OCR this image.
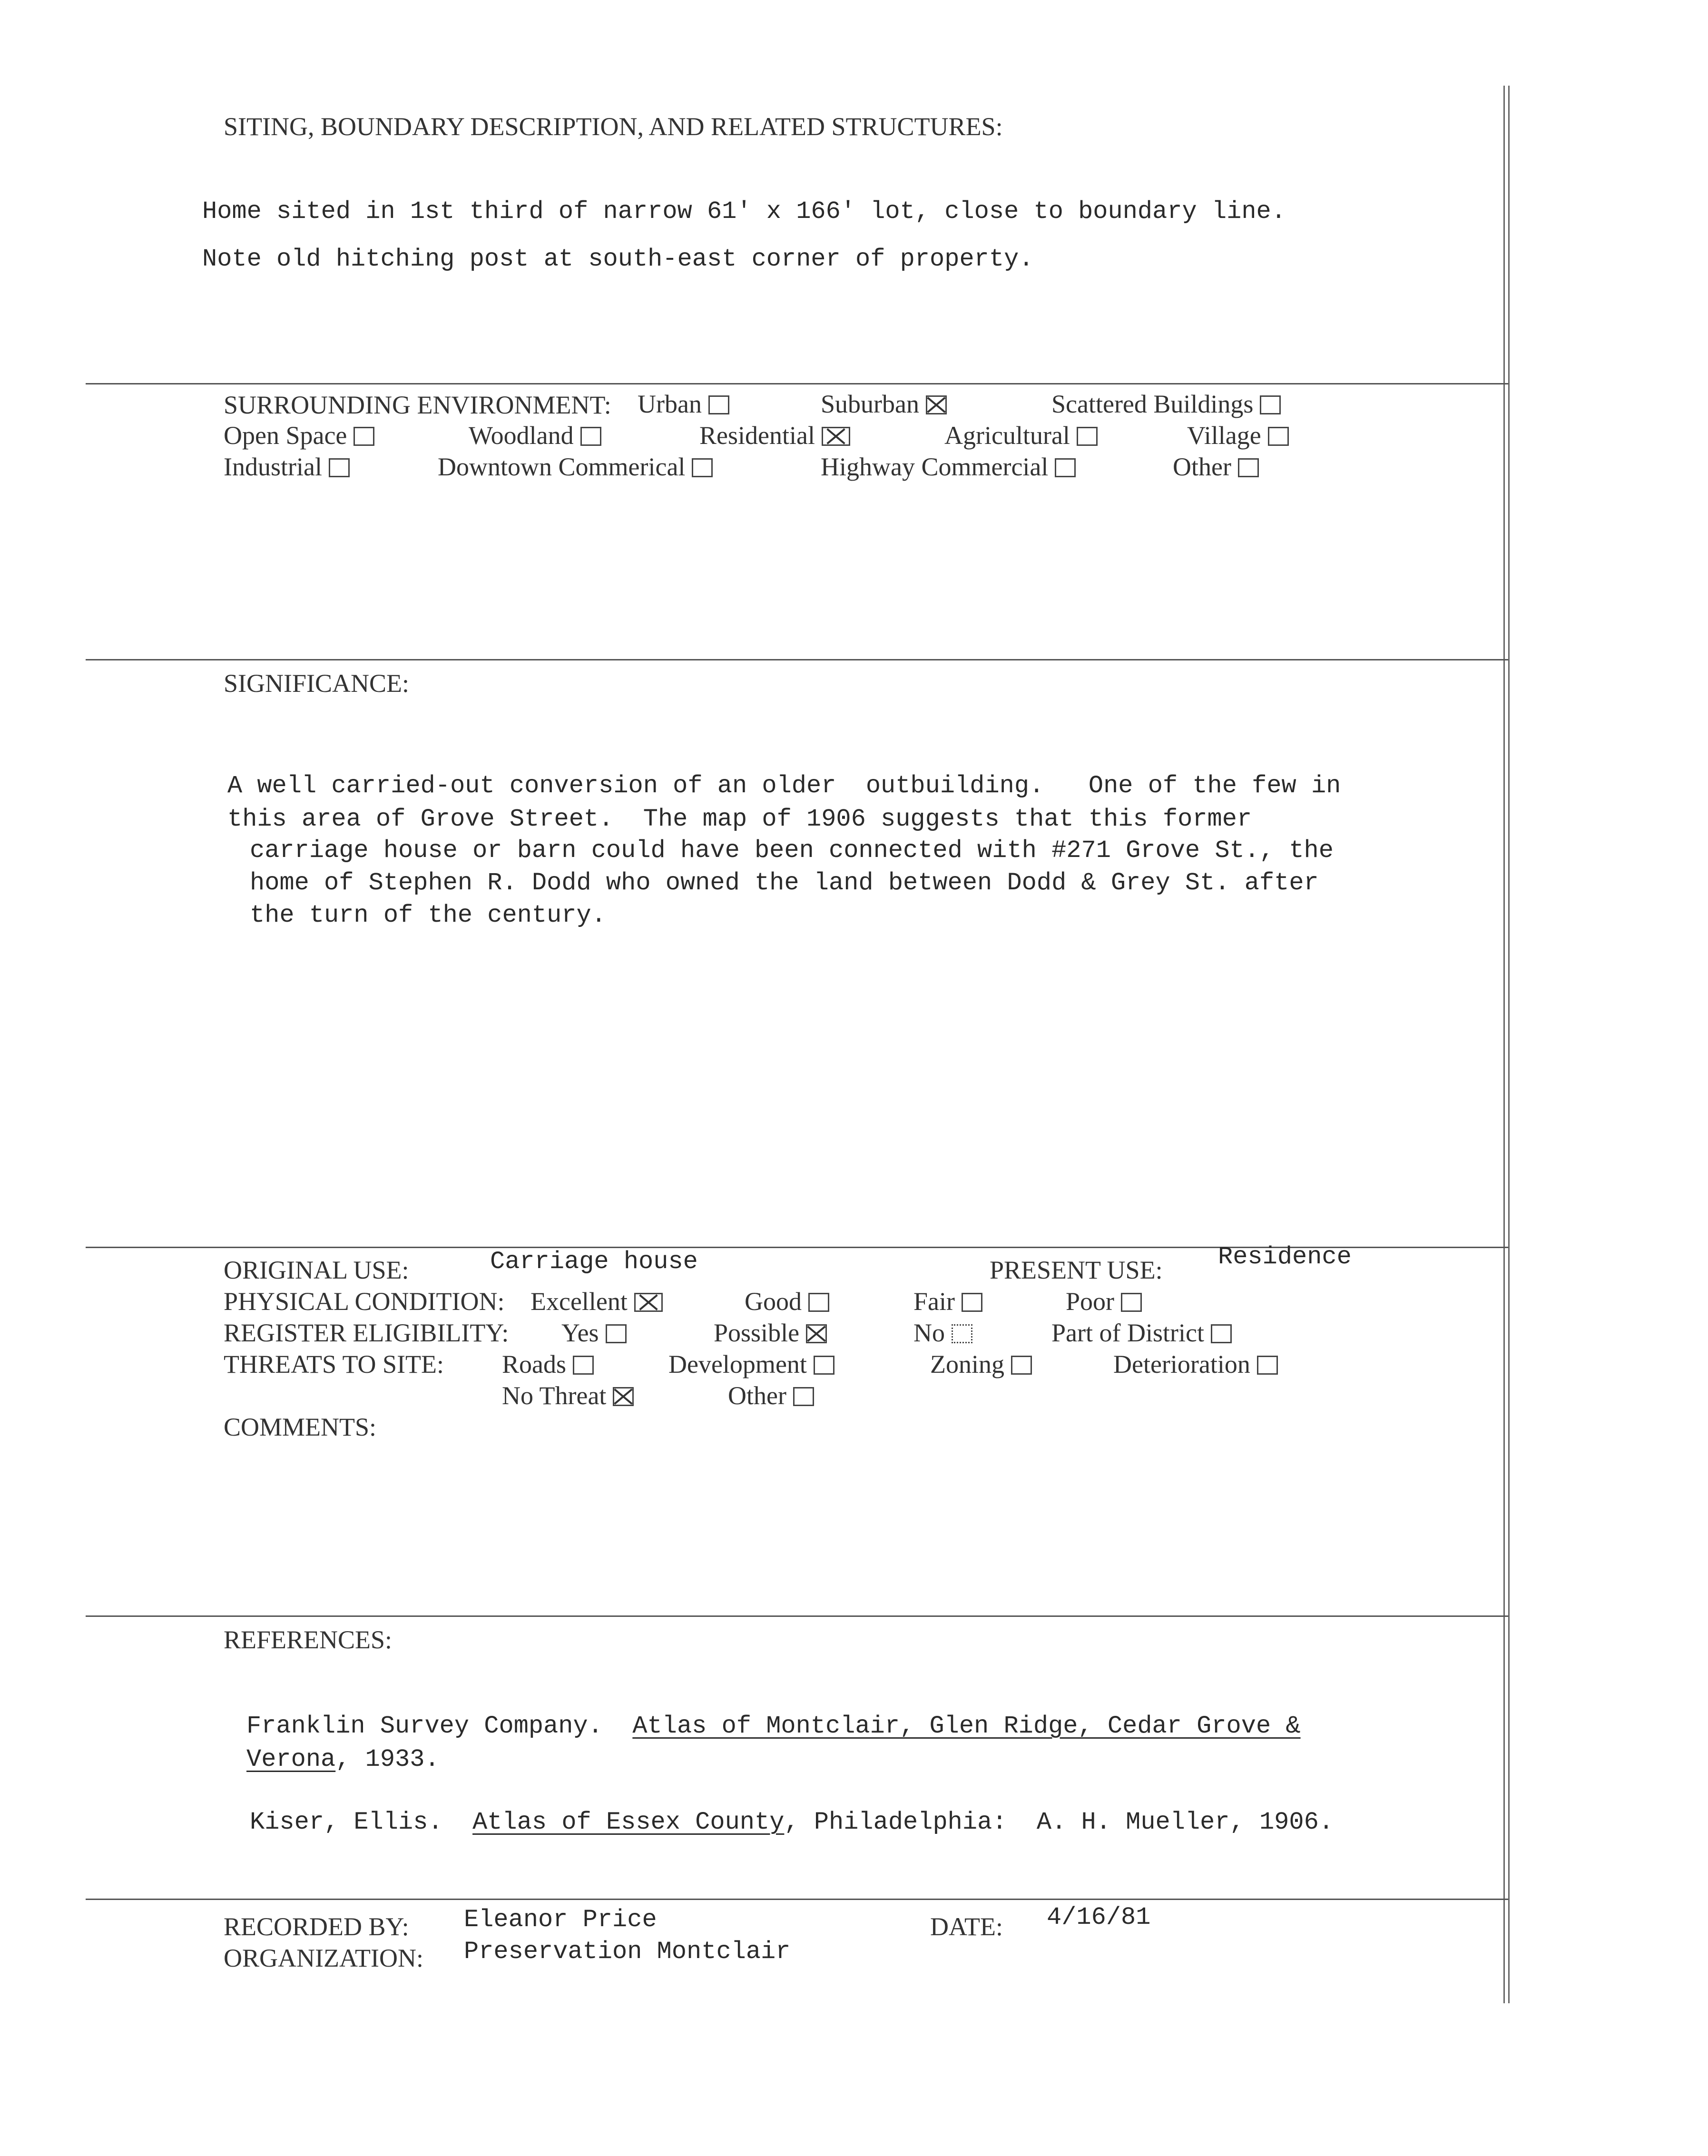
SITING, BOUNDARY DESCRIPTION, AND RELATED STRUCTURES:
Home sited in 1st third of narrow 61' x 166' lot, close to boundary line.
Note old hitching post at south-east corner of property.
SURROUNDING ENVIRONMENT: Urban	Suburban	Scattered Buildings
Open Space	Woodland	Residential	Agricultural	Village
Industrial	Downtown Commerical	Highway Commercial	Other
SIGNIFICANCE:
A well carried-out conversion of an older  outbuilding.   One of the few in
this area of Grove Street.  The map of 1906 suggests that this former
carriage house or barn could have been connected with #271 Grove St., the
home of Stephen R. Dodd who owned the land between Dodd & Grey St. after
the turn of the century.
ORIGINAL USE:	Carriage house	PRESENT USE: Residence
PHYSICAL CONDITION: Excellent	Good	Fair	Poor
REGISTER ELIGIBILITY: Yes	Possible	No	Part of District
THREATS TO SITE: Roads	Development	Zoning	Deterioration
No Threat	Other
COMMENTS:
REFERENCES:
Franklin Survey Company. Atlas of Montclair, Glen Ridge, Cedar Grove &
Verona, 1933.
Kiser, Ellis. Atlas of Essex County, Philadelphia:  A. H. Mueller, 1906.
RECORDED BY: Eleanor Price	DATE: 4/16/81
ORGANIZATION: Preservation Montclair
